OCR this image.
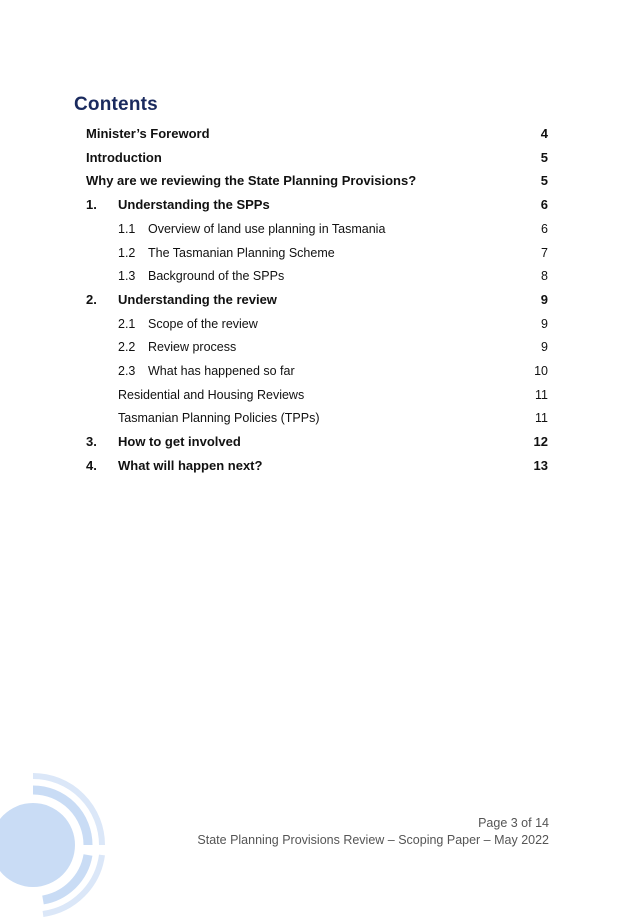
Contents
Minister’s Foreword	4
Introduction	5
Why are we reviewing the State Planning Provisions?	5
1. Understanding the SPPs	6
1.1 Overview of land use planning in Tasmania	6
1.2 The Tasmanian Planning Scheme	7
1.3 Background of the SPPs	8
2. Understanding the review	9
2.1 Scope of the review	9
2.2 Review process	9
2.3 What has happened so far	10
Residential and Housing Reviews	11
Tasmanian Planning Policies (TPPs)	11
3. How to get involved	12
4. What will happen next?	13
Page 3 of 14
State Planning Provisions Review – Scoping Paper – May 2022
